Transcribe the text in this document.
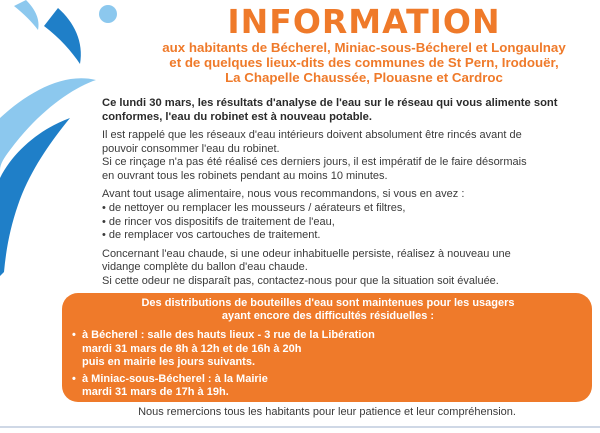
INFORMATION
aux habitants de Bécherel, Miniac-sous-Bécherel et Longaulnay
et de quelques lieux-dits des communes de St Pern, Irodouër,
La Chapelle Chaussée, Plouasne et Cardroc
Ce lundi 30 mars, les résultats d'analyse de l'eau sur le réseau qui vous alimente sont
conformes, l'eau du robinet est à nouveau potable.
Il est rappelé que les réseaux d'eau intérieurs doivent absolument être rincés avant de
pouvoir consommer l'eau du robinet.
Si ce rinçage n'a pas été réalisé ces derniers jours, il est impératif de le faire désormais
en ouvrant tous les robinets pendant au moins 10 minutes.
Avant tout usage alimentaire, nous vous recommandons, si vous en avez :
• de nettoyer ou remplacer les mousseurs / aérateurs et filtres,
• de rincer vos dispositifs de traitement de l'eau,
• de remplacer vos cartouches de traitement.
Concernant l'eau chaude, si une odeur inhabituelle persiste, réalisez à nouveau une
vidange complète du ballon d'eau chaude.
Si cette odeur ne disparaît pas, contactez-nous pour que la situation soit évaluée.
Des distributions de bouteilles d'eau sont maintenues pour les usagers
ayant encore des difficultés résiduelles :
• à Bécherel : salle des hauts lieux - 3 rue de la Libération
mardi 31 mars de 8h à 12h et de 16h à 20h
puis en mairie les jours suivants.
• à Miniac-sous-Bécherel : à la Mairie
mardi 31 mars de 17h à 19h.
Nous remercions tous les habitants pour leur patience et leur compréhension.
